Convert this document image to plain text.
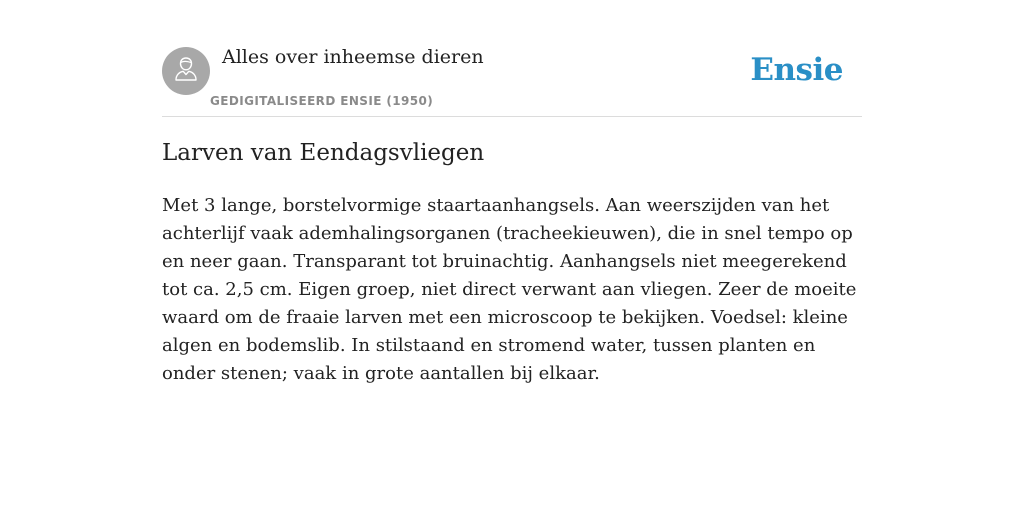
Alles over inheemse dieren
GEDIGITALISEERD ENSIE (1950)
Ensie
Larven van Eendagsvliegen

Met 3 lange, borstelvormige staartaanhangsels. Aan weerszijden van het achterlijf vaak ademhalingsorganen (tracheekieuwen), die in snel tempo op en neer gaan. Transparant tot bruinachtig. Aanhangsels niet meegerekend tot ca. 2,5 cm. Eigen groep, niet direct verwant aan vliegen. Zeer de moeite waard om de fraaie larven met een microscoop te bekijken. Voedsel: kleine algen en bodemslib. In stilstaand en stromend water, tussen planten en onder stenen; vaak in grote aantallen bij elkaar.
